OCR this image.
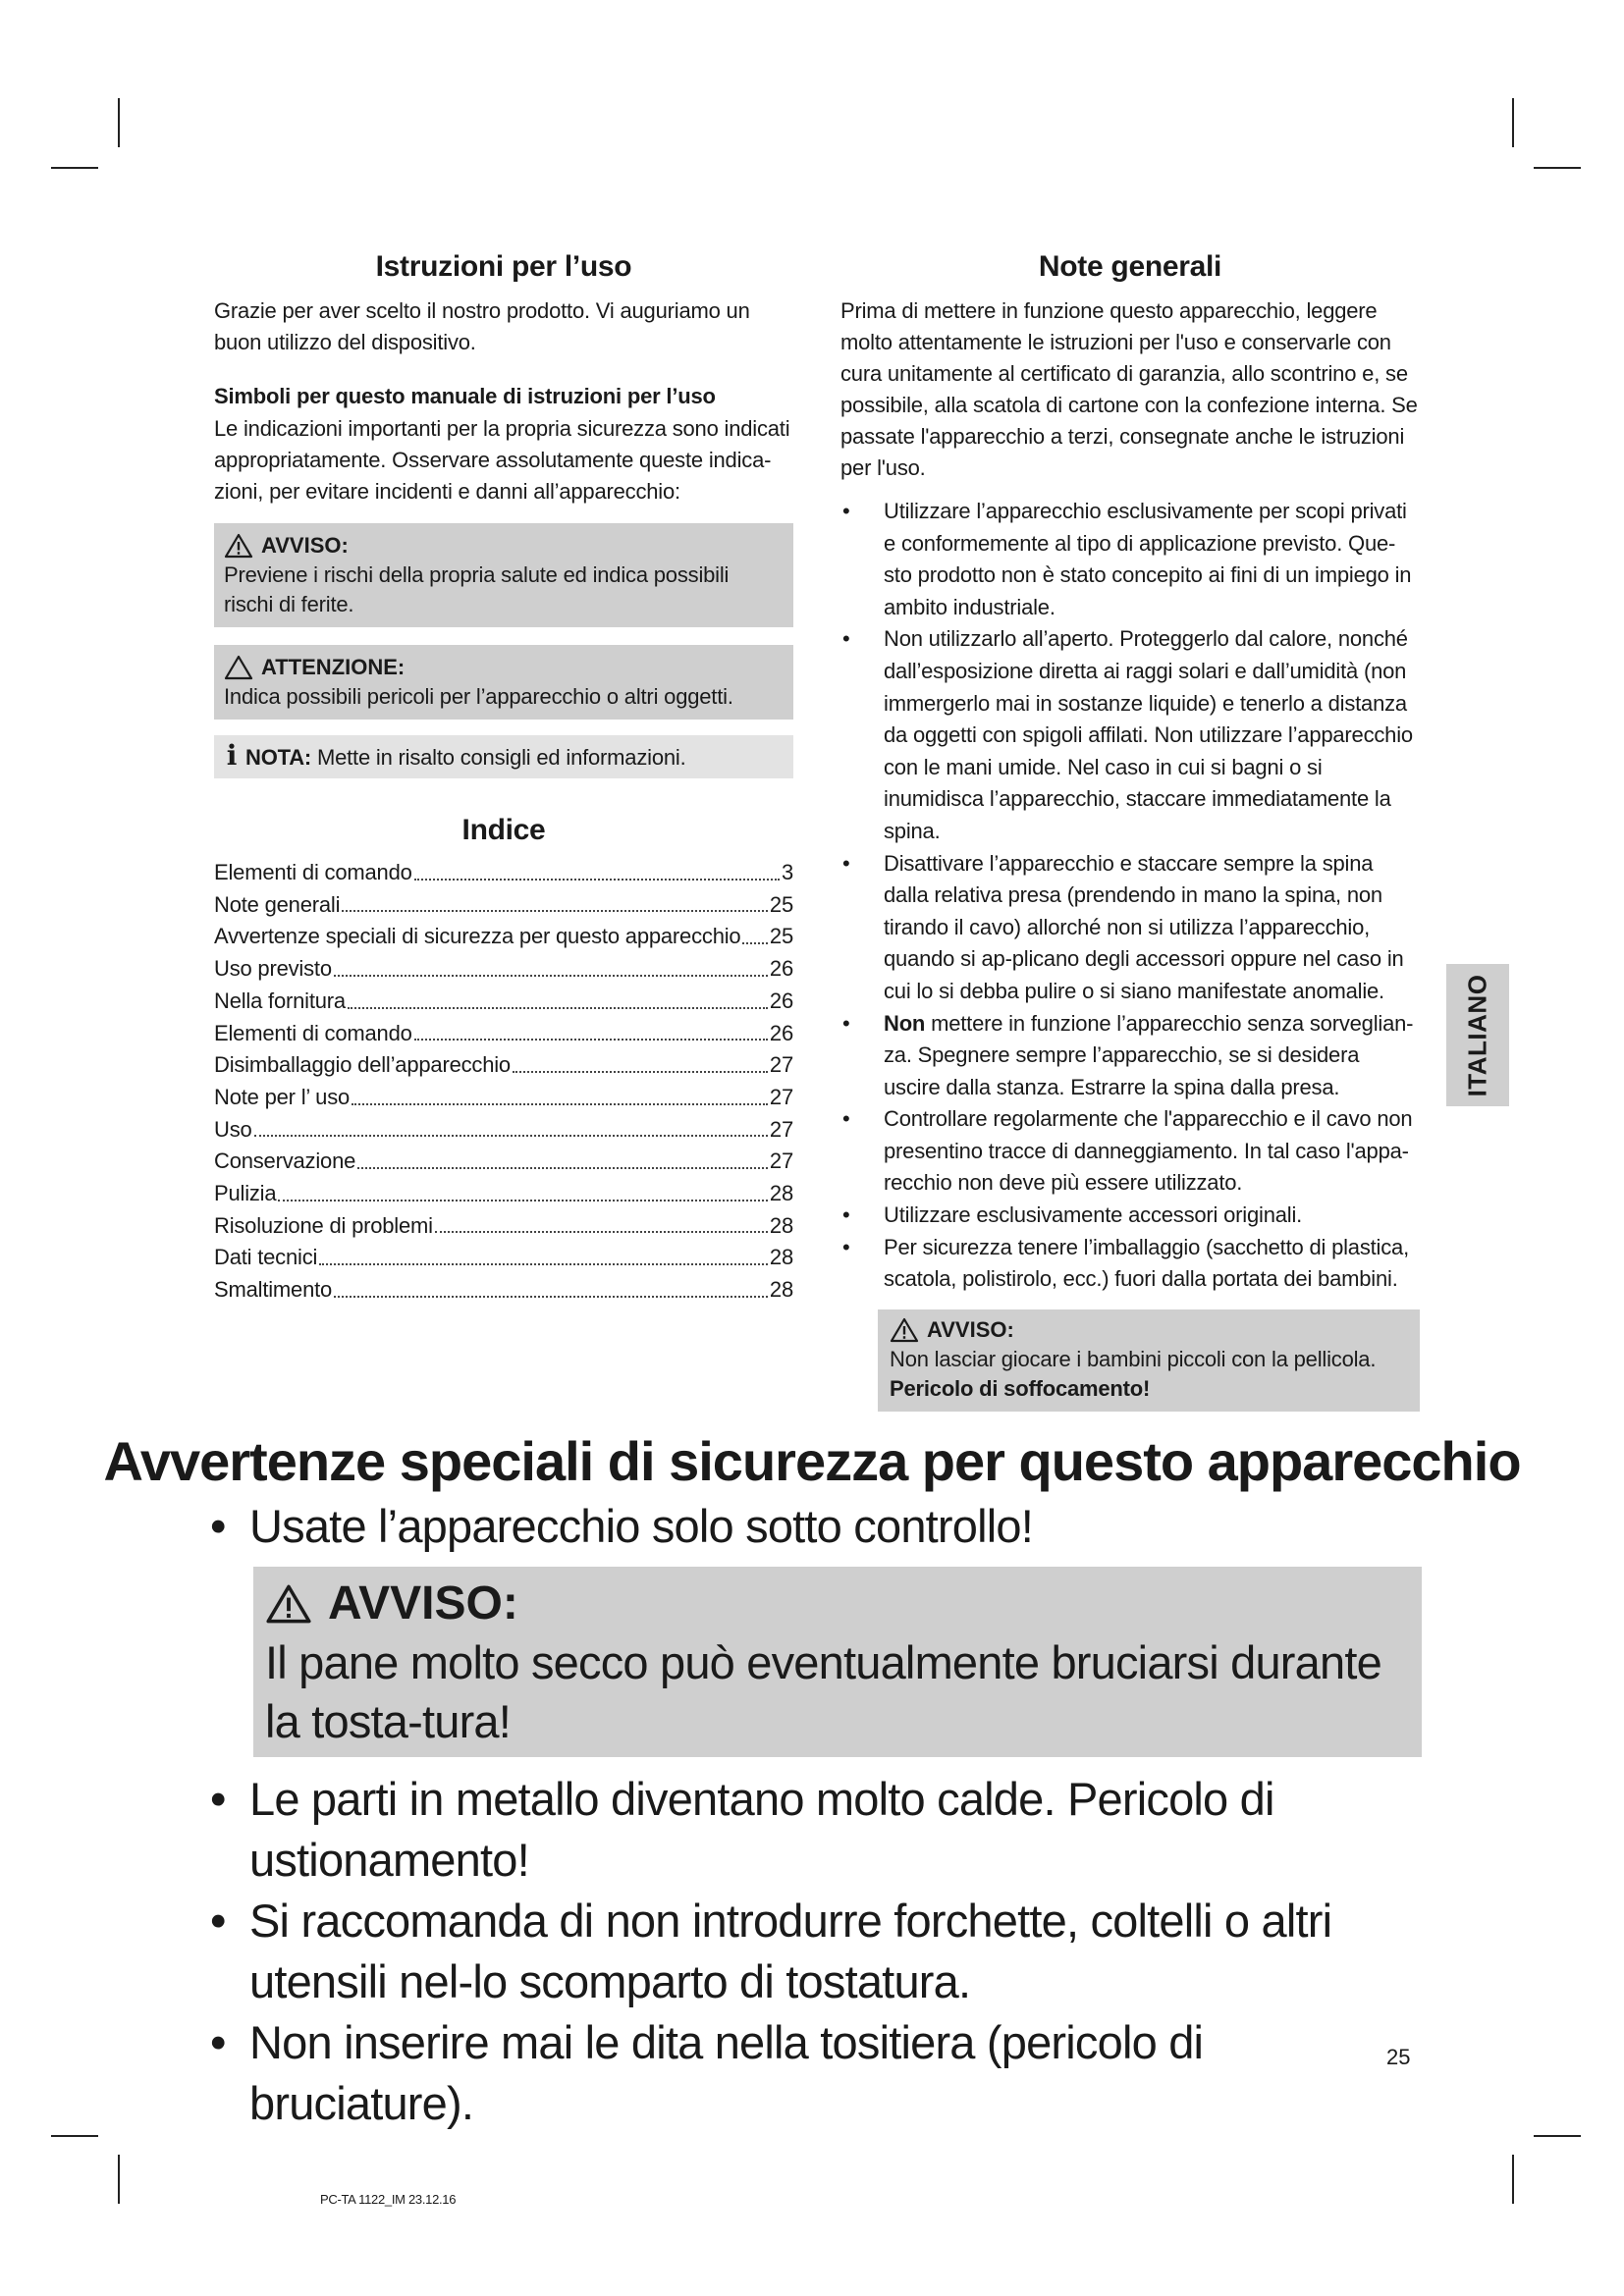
Istruzioni per l’uso

Grazie per aver scelto il nostro prodotto. Vi auguriamo un buon utilizzo del dispositivo.

Simboli per questo manuale di istruzioni per l’uso

Le indicazioni importanti per la propria sicurezza sono indicati appropriatamente. Osservare assolutamente queste indica-zioni, per evitare incidenti e danni all’apparecchio:

AVVISO:
Previene i rischi della propria salute ed indica possibili rischi di ferite.
ATTENZIONE:
Indica possibili pericoli per l’apparecchio o altri oggetti.
i NOTA: Mette in risalto consigli ed informazioni.
Indice
Elementi di comando	3
Note generali	25
Avvertenze speciali di sicurezza per questo apparecchio 25
Uso previsto	26
Nella fornitura	26
Elementi di comando	26
Disimballaggio dell’apparecchio	27
Note per l’ uso	27
Uso	27
Conservazione	27
Pulizia	28
Risoluzione di problemi	28
Dati tecnici	28
Smaltimento	28
Note generali

Prima di mettere in funzione questo apparecchio, leggere molto attentamente le istruzioni per l'uso e conservarle con cura unitamente al certificato di garanzia, allo scontrino e, se possibile, alla scatola di cartone con la confezione interna. Se passate l'apparecchio a terzi, consegnate anche le istruzioni per l'uso.

• Utilizzare l’apparecchio esclusivamente per scopi privati e conformemente al tipo di applicazione previsto. Que-sto prodotto non è stato concepito ai fini di un impiego in ambito industriale.
• Non utilizzarlo all’aperto. Proteggerlo dal calore, nonché dall’esposizione diretta ai raggi solari e dall’umidità (non immergerlo mai in sostanze liquide) e tenerlo a distanza da oggetti con spigoli affilati. Non utilizzare l’apparecchio con le mani umide. Nel caso in cui si bagni o si inumidisca l’apparecchio, staccare immediatamente la spina.
• Disattivare l’apparecchio e staccare sempre la spina dalla relativa presa (prendendo in mano la spina, non tirando il cavo) allorché non si utilizza l’apparecchio, quando si ap-plicano degli accessori oppure nel caso in cui lo si debba pulire o si siano manifestate anomalie.
• Non mettere in funzione l’apparecchio senza sorveglian-za. Spegnere sempre l’apparecchio, se si desidera uscire dalla stanza. Estrarre la spina dalla presa.
• Controllare regolarmente che l'apparecchio e il cavo non presentino tracce di danneggiamento. In tal caso l'appa-recchio non deve più essere utilizzato.
• Utilizzare esclusivamente accessori originali.
• Per sicurezza tenere l’imballaggio (sacchetto di plastica, scatola, polistirolo, ecc.) fuori dalla portata dei bambini.
AVVISO:
Non lasciar giocare i bambini piccoli con la pellicola.
Pericolo di soffocamento!
ITALIANO
Avvertenze speciali di sicurezza per questo apparecchio
• Usate l’apparecchio solo sotto controllo!
AVVISO:
Il pane molto secco può eventualmente bruciarsi durante la tosta-tura!
• Le parti in metallo diventano molto calde. Pericolo di ustionamento!
• Si raccomanda di non introdurre forchette, coltelli o altri utensili nel-lo scomparto di tostatura.
• Non inserire mai le dita nella tositiera (pericolo di bruciature).
25
PC-TA 1122_IM 23.12.16
